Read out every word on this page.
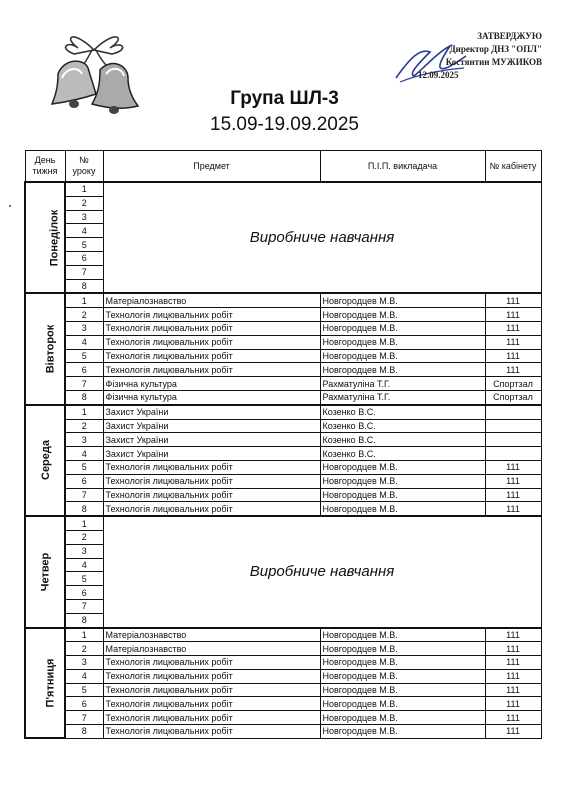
ЗАТВЕРДЖУЮ
Директор ДНЗ "ОПЛ"
Костянтин МУЖИКОВ
12.09.2025
Група ШЛ-3
15.09-19.09.2025
День тижня	№ уроку	Предмет	П.І.П. викладача	№ кабінету
Понеділок	1	Виробниче навчання		
	2			
	3			
	4			
	5			
	6			
	7			
	8			
Вівторок	1	Матеріалознавство	Новгородцев М.В.	111
	2	Технологія лицювальних робіт	Новгородцев М.В.	111
	3	Технологія лицювальних робіт	Новгородцев М.В.	111
	4	Технологія лицювальних робіт	Новгородцев М.В.	111
	5	Технологія лицювальних робіт	Новгородцев М.В.	111
	6	Технологія лицювальних робіт	Новгородцев М.В.	111
	7	Фізична культура	Рахматуліна Т.Г.	Спортзал
	8	Фізична культура	Рахматуліна Т.Г.	Спортзал
Середа	1	Захист України	Козенко В.С.	
	2	Захист України	Козенко В.С.	
	3	Захист України	Козенко В.С.	
	4	Захист України	Козенко В.С.	
	5	Технологія лицювальних робіт	Новгородцев М.В.	111
	6	Технологія лицювальних робіт	Новгородцев М.В.	111
	7	Технологія лицювальних робіт	Новгородцев М.В.	111
	8	Технологія лицювальних робіт	Новгородцев М.В.	111
Четвер	1	Виробниче навчання		
	2			
	3			
	4			
	5			
	6			
	7			
	8			
П'ятниця	1	Матеріалознавство	Новгородцев М.В.	111
	2	Матеріалознавство	Новгородцев М.В.	111
	3	Технологія лицювальних робіт	Новгородцев М.В.	111
	4	Технологія лицювальних робіт	Новгородцев М.В.	111
	5	Технологія лицювальних робіт	Новгородцев М.В.	111
	6	Технологія лицювальних робіт	Новгородцев М.В.	111
	7	Технологія лицювальних робіт	Новгородцев М.В.	111
	8	Технологія лицювальних робіт	Новгородцев М.В.	111
